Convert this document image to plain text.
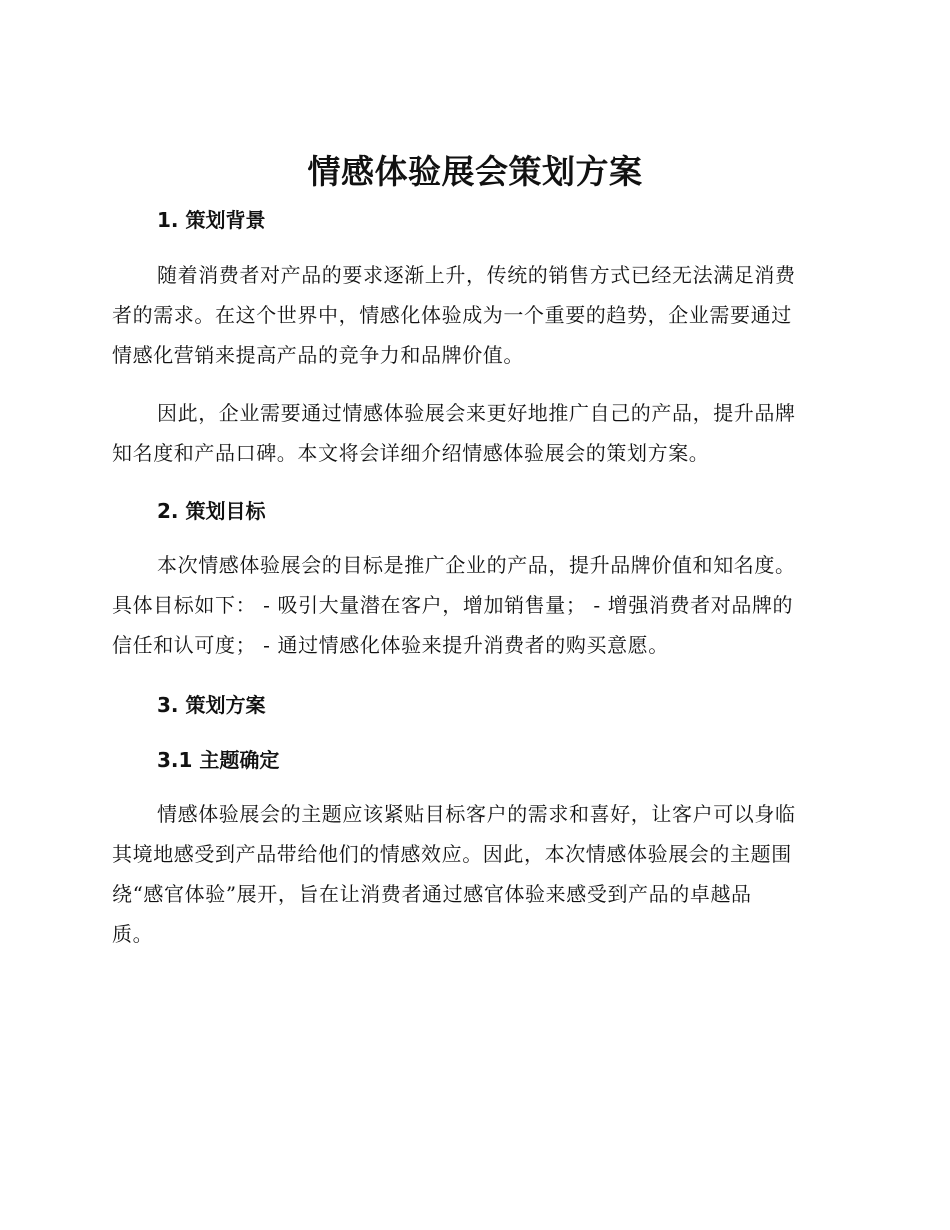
情感体验展会策划方案
1. 策划背景

随着消费者对产品的要求逐渐上升，传统的销售方式已经无法满足消费
者的需求。在这个世界中，情感化体验成为一个重要的趋势，企业需要通过
情感化营销来提高产品的竞争力和品牌价值。

因此，企业需要通过情感体验展会来更好地推广自己的产品，提升品牌
知名度和产品口碑。本文将会详细介绍情感体验展会的策划方案。

2. 策划目标

本次情感体验展会的目标是推广企业的产品，提升品牌价值和知名度。
具体目标如下： - 吸引大量潜在客户，增加销售量； - 增强消费者对品牌的
信任和认可度； - 通过情感化体验来提升消费者的购买意愿。

3. 策划方案
3.1 主题确定

情感体验展会的主题应该紧贴目标客户的需求和喜好，让客户可以身临
其境地感受到产品带给他们的情感效应。因此，本次情感体验展会的主题围
绕“感官体验”展开，旨在让消费者通过感官体验来感受到产品的卓越品
质。
